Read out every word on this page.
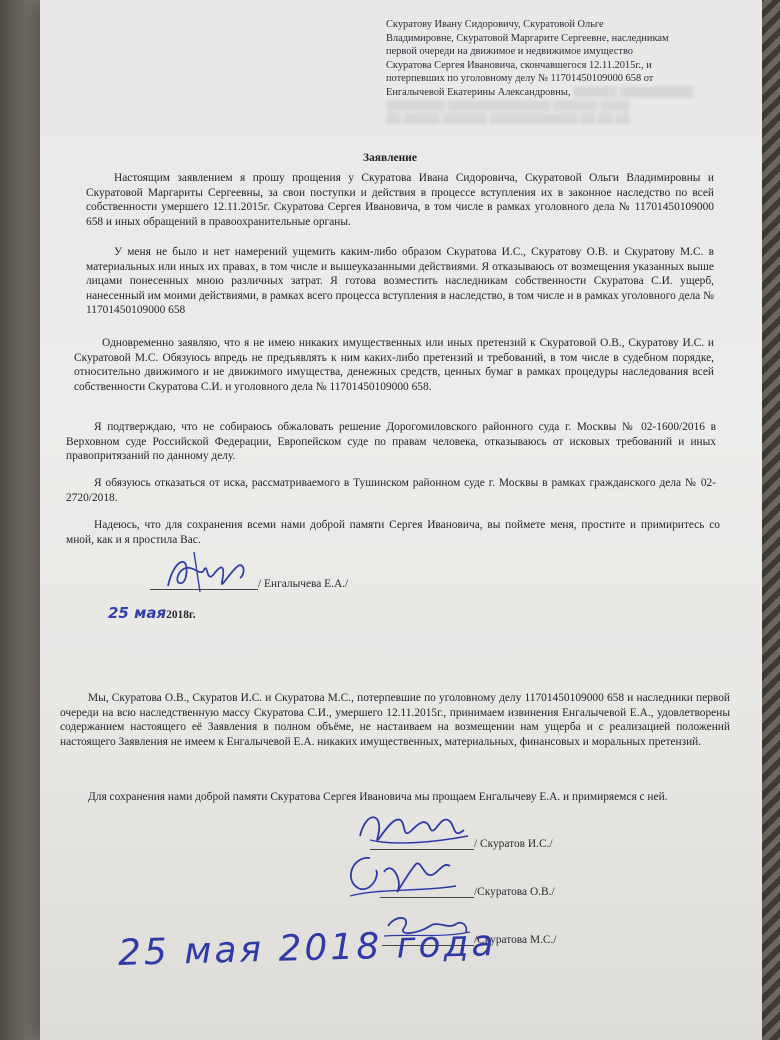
Скуратову Ивану Сидоровичу, Скуратовой Ольге
Владимировне, Скуратовой Маргарите Сергеевне, наследникам
первой очереди на движимое и недвижимое имущество
Скуратова Сергея Ивановича, скончавшегося 12.11.2015г., и
потерпевших по уголовному делу № 11701450109000 658 от
Енгалычевой Екатерины Александровны, ░░░░░░ ░░░░░░░░░░
░░░░░░░░ ░░░░░░░░░░░░░░ ░░░░░░ ░░░░
░░ ░░░░░ ░░░░░░ ░░░░░░░░░░░░ ░░ ░░ ░░
Заявление
Настоящим заявлением я прошу прощения у Скуратова Ивана Сидоровича, Скуратовой Ольги Владимировны и Скуратовой Маргариты Сергеевны, за свои поступки и действия в процессе вступления их в законное наследство по всей собственности умершего 12.11.2015г. Скуратова Сергея Ивановича, в том числе в рамках уголовного дела № 11701450109000 658 и иных обращений в правоохранительные органы.
У меня не было и нет намерений ущемить каким-либо образом Скуратова И.С., Скуратову О.В. и Скуратову М.С. в материальных или иных их правах, в том числе и вышеуказанными действиями. Я отказываюсь от возмещения указанных выше лицами понесенных мною различных затрат. Я готова возместить наследникам собственности Скуратова С.И. ущерб, нанесенный им моими действиями, в рамках всего процесса вступления в наследство, в том числе и в рамках уголовного дела № 11701450109000 658
Одновременно заявляю, что я не имею никаких имущественных или иных претензий к Скуратовой О.В., Скуратову И.С. и Скуратовой М.С. Обязуюсь впредь не предъявлять к ним каких-либо претензий и требований, в том числе в судебном порядке, относительно движимого и не движимого имущества, денежных средств, ценных бумаг в рамках процедуры наследования всей собственности Скуратова С.И. и уголовного дела № 11701450109000 658.
Я подтверждаю, что не собираюсь обжаловать решение Дорогомиловского районного суда г. Москвы № 02-1600/2016 в Верховном суде Российской Федерации, Европейском суде по правам человека, отказываюсь от исковых требований и иных правопритязаний по данному делу.
Я обязуюсь отказаться от иска, рассматриваемого в Тушинском районном суде г. Москвы в рамках гражданского дела № 02-2720/2018.
Надеюсь, что для сохранения всеми нами доброй памяти Сергея Ивановича, вы поймете меня, простите и примиритесь со мной, как и я простила Вас.
/ Енгалычева Е.А./
25 мая2018г.
Мы, Скуратова О.В., Скуратов И.С. и Скуратова М.С., потерпевшие по уголовному делу 11701450109000 658 и наследники первой очереди на всю наследственную массу Скуратова С.И., умершего 12.11.2015г., принимаем извинения Енгалычевой Е.А., удовлетворены содержанием настоящего её Заявления в полном объёме, не настаиваем на возмещении нам ущерба и с реализацией положений настоящего Заявления не имеем к Енгалычевой Е.А. никаких имущественных, материальных, финансовых и моральных претензий.
Для сохранения нами доброй памяти Скуратова Сергея Ивановича мы прощаем Енгалычеву Е.А. и примиряемся с ней.
/ Скуратов И.С./
/Скуратова О.В./
/Скуратова М.С./
25 мая 2018 года
